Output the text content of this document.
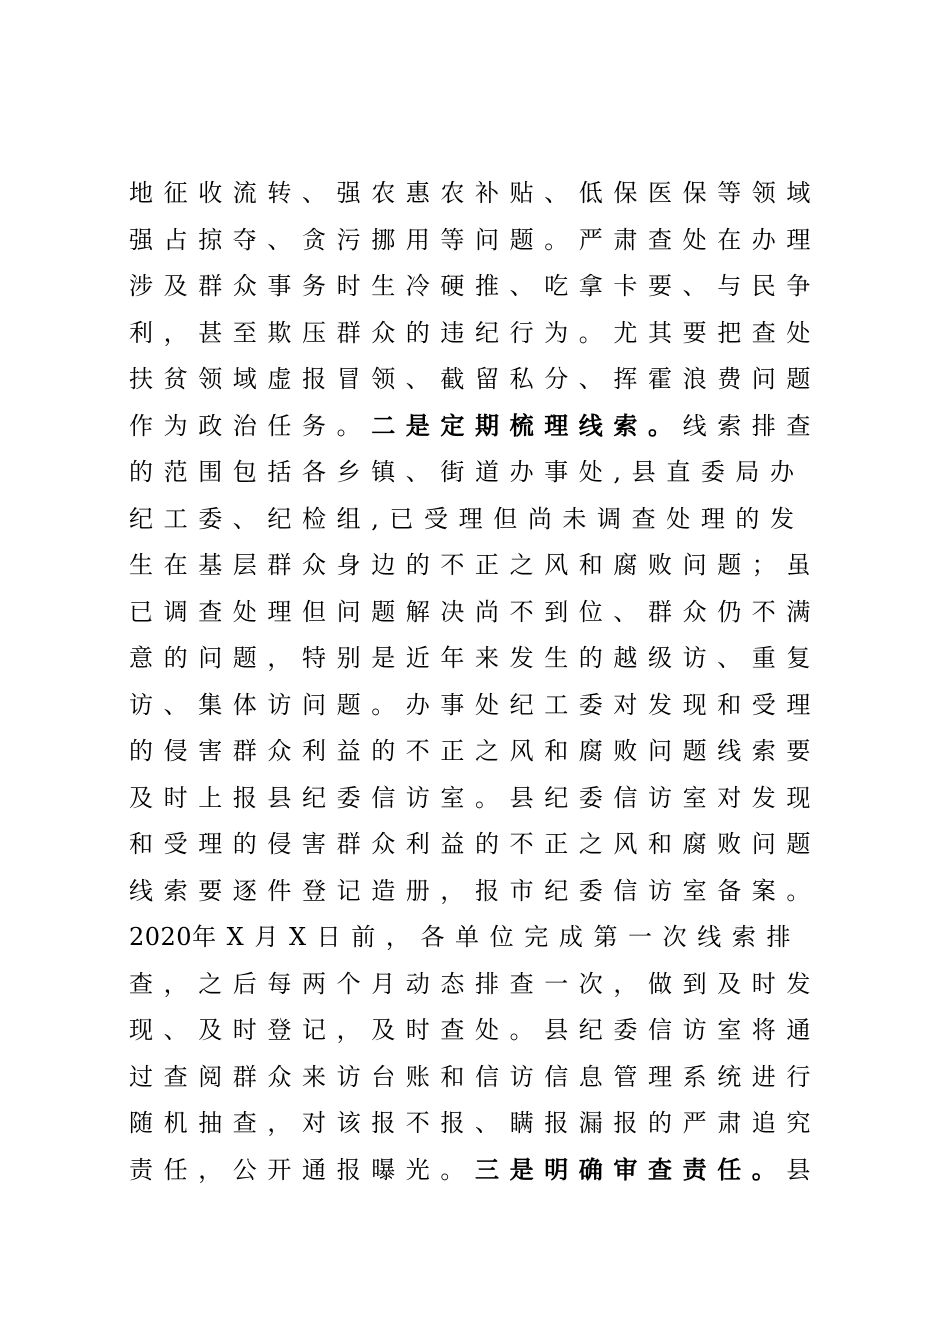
地征收流转、强农惠农补贴、低保医保等领域
强占掠夺、贪污挪用等问题。严肃查处在办理
涉及群众事务时生冷硬推、吃拿卡要、与民争
利，甚至欺压群众的违纪行为。尤其要把查处
扶贫领域虚报冒领、截留私分、挥霍浪费问题
作为政治任务。二是定期梳理线索。线索排查
的范围包括各乡镇、街道办事处,县直委局办
纪工委、纪检组,已受理但尚未调查处理的发
生在基层群众身边的不正之风和腐败问题；虽
已调查处理但问题解决尚不到位、群众仍不满
意的问题，特别是近年来发生的越级访、重复
访、集体访问题。办事处纪工委对发现和受理
的侵害群众利益的不正之风和腐败问题线索要
及时上报县纪委信访室。县纪委信访室对发现
和受理的侵害群众利益的不正之风和腐败问题
线索要逐件登记造册，报市纪委信访室备案。
2020年X月X日前，各单位完成第一次线索排
查，之后每两个月动态排查一次，做到及时发
现、及时登记，及时查处。县纪委信访室将通
过查阅群众来访台账和信访信息管理系统进行
随机抽查，对该报不报、瞒报漏报的严肃追究
责任，公开通报曝光。三是明确审查责任。县
